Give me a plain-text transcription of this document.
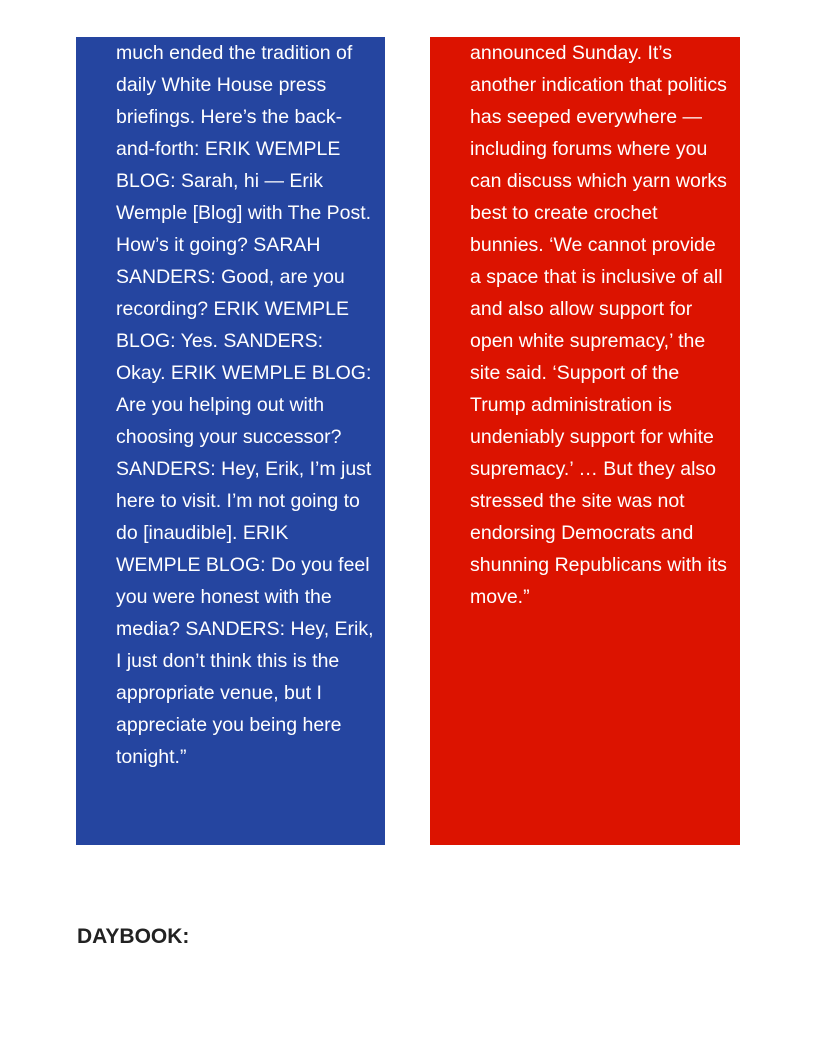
much ended the tradition of daily White House press briefings. Here’s the back-and-forth: ERIK WEMPLE BLOG: Sarah, hi — Erik Wemple [Blog] with The Post. How’s it going? SARAH SANDERS: Good, are you recording? ERIK WEMPLE BLOG: Yes. SANDERS: Okay. ERIK WEMPLE BLOG: Are you helping out with choosing your successor? SANDERS: Hey, Erik, I’m just here to visit. I’m not going to do [inaudible]. ERIK WEMPLE BLOG: Do you feel you were honest with the media? SANDERS: Hey, Erik, I just don’t think this is the appropriate venue, but I appreciate you being here tonight.”

announced Sunday. It’s another indication that politics has seeped everywhere — including forums where you can discuss which yarn works best to create crochet bunnies. ‘We cannot provide a space that is inclusive of all and also allow support for open white supremacy,’ the site said. ‘Support of the Trump administration is undeniably support for white supremacy.’ … But they also stressed the site was not endorsing Democrats and shunning Republicans with its move.”

DAYBOOK:
